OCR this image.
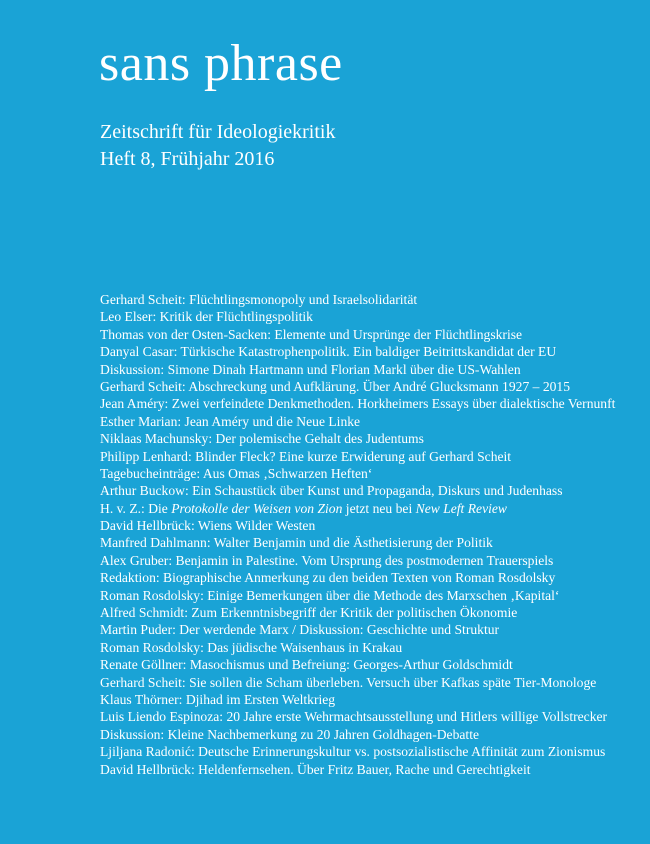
sans phrase

Zeitschrift für Ideologiekritik

Heft 8, Frühjahr 2016

Gerhard Scheit: Flüchtlingsmonopoly und Israelsolidarität
Leo Elser: Kritik der Flüchtlingspolitik
Thomas von der Osten-Sacken: Elemente und Ursprünge der Flüchtlingskrise
Danyal Casar: Türkische Katastrophenpolitik. Ein baldiger Beitrittskandidat der EU
Diskussion: Simone Dinah Hartmann und Florian Markl über die US-Wahlen
Gerhard Scheit: Abschreckung und Aufklärung. Über André Glucksmann 1927 – 2015
Jean Améry: Zwei verfeindete Denkmethoden. Horkheimers Essays über dialektische Vernunft
Esther Marian: Jean Améry und die Neue Linke
Niklaas Machunsky: Der polemische Gehalt des Judentums
Philipp Lenhard: Blinder Fleck? Eine kurze Erwiderung auf Gerhard Scheit
Tagebucheinträge: Aus Omas ‚Schwarzen Heften‘
Arthur Buckow: Ein Schaustück über Kunst und Propaganda, Diskurs und Judenhass
H. v. Z.: Die Protokolle der Weisen von Zion jetzt neu bei New Left Review
David Hellbrück: Wiens Wilder Westen
Manfred Dahlmann: Walter Benjamin und die Ästhetisierung der Politik
Alex Gruber: Benjamin in Palestine. Vom Ursprung des postmodernen Trauerspiels
Redaktion: Biographische Anmerkung zu den beiden Texten von Roman Rosdolsky
Roman Rosdolsky: Einige Bemerkungen über die Methode des Marxschen ‚Kapital‘
Alfred Schmidt: Zum Erkenntnisbegriff der Kritik der politischen Ökonomie
Martin Puder: Der werdende Marx / Diskussion: Geschichte und Struktur
Roman Rosdolsky: Das jüdische Waisenhaus in Krakau
Renate Göllner: Masochismus und Befreiung: Georges-Arthur Goldschmidt
Gerhard Scheit: Sie sollen die Scham überleben. Versuch über Kafkas späte Tier-Monologe
Klaus Thörner: Djihad im Ersten Weltkrieg
Luis Liendo Espinoza: 20 Jahre erste Wehrmachtsausstellung und Hitlers willige Vollstrecker
Diskussion: Kleine Nachbemerkung zu 20 Jahren Goldhagen-Debatte
Ljiljana Radonić: Deutsche Erinnerungskultur vs. postsozialistische Affinität zum Zionismus
David Hellbrück: Heldenfernsehen. Über Fritz Bauer, Rache und Gerechtigkeit
